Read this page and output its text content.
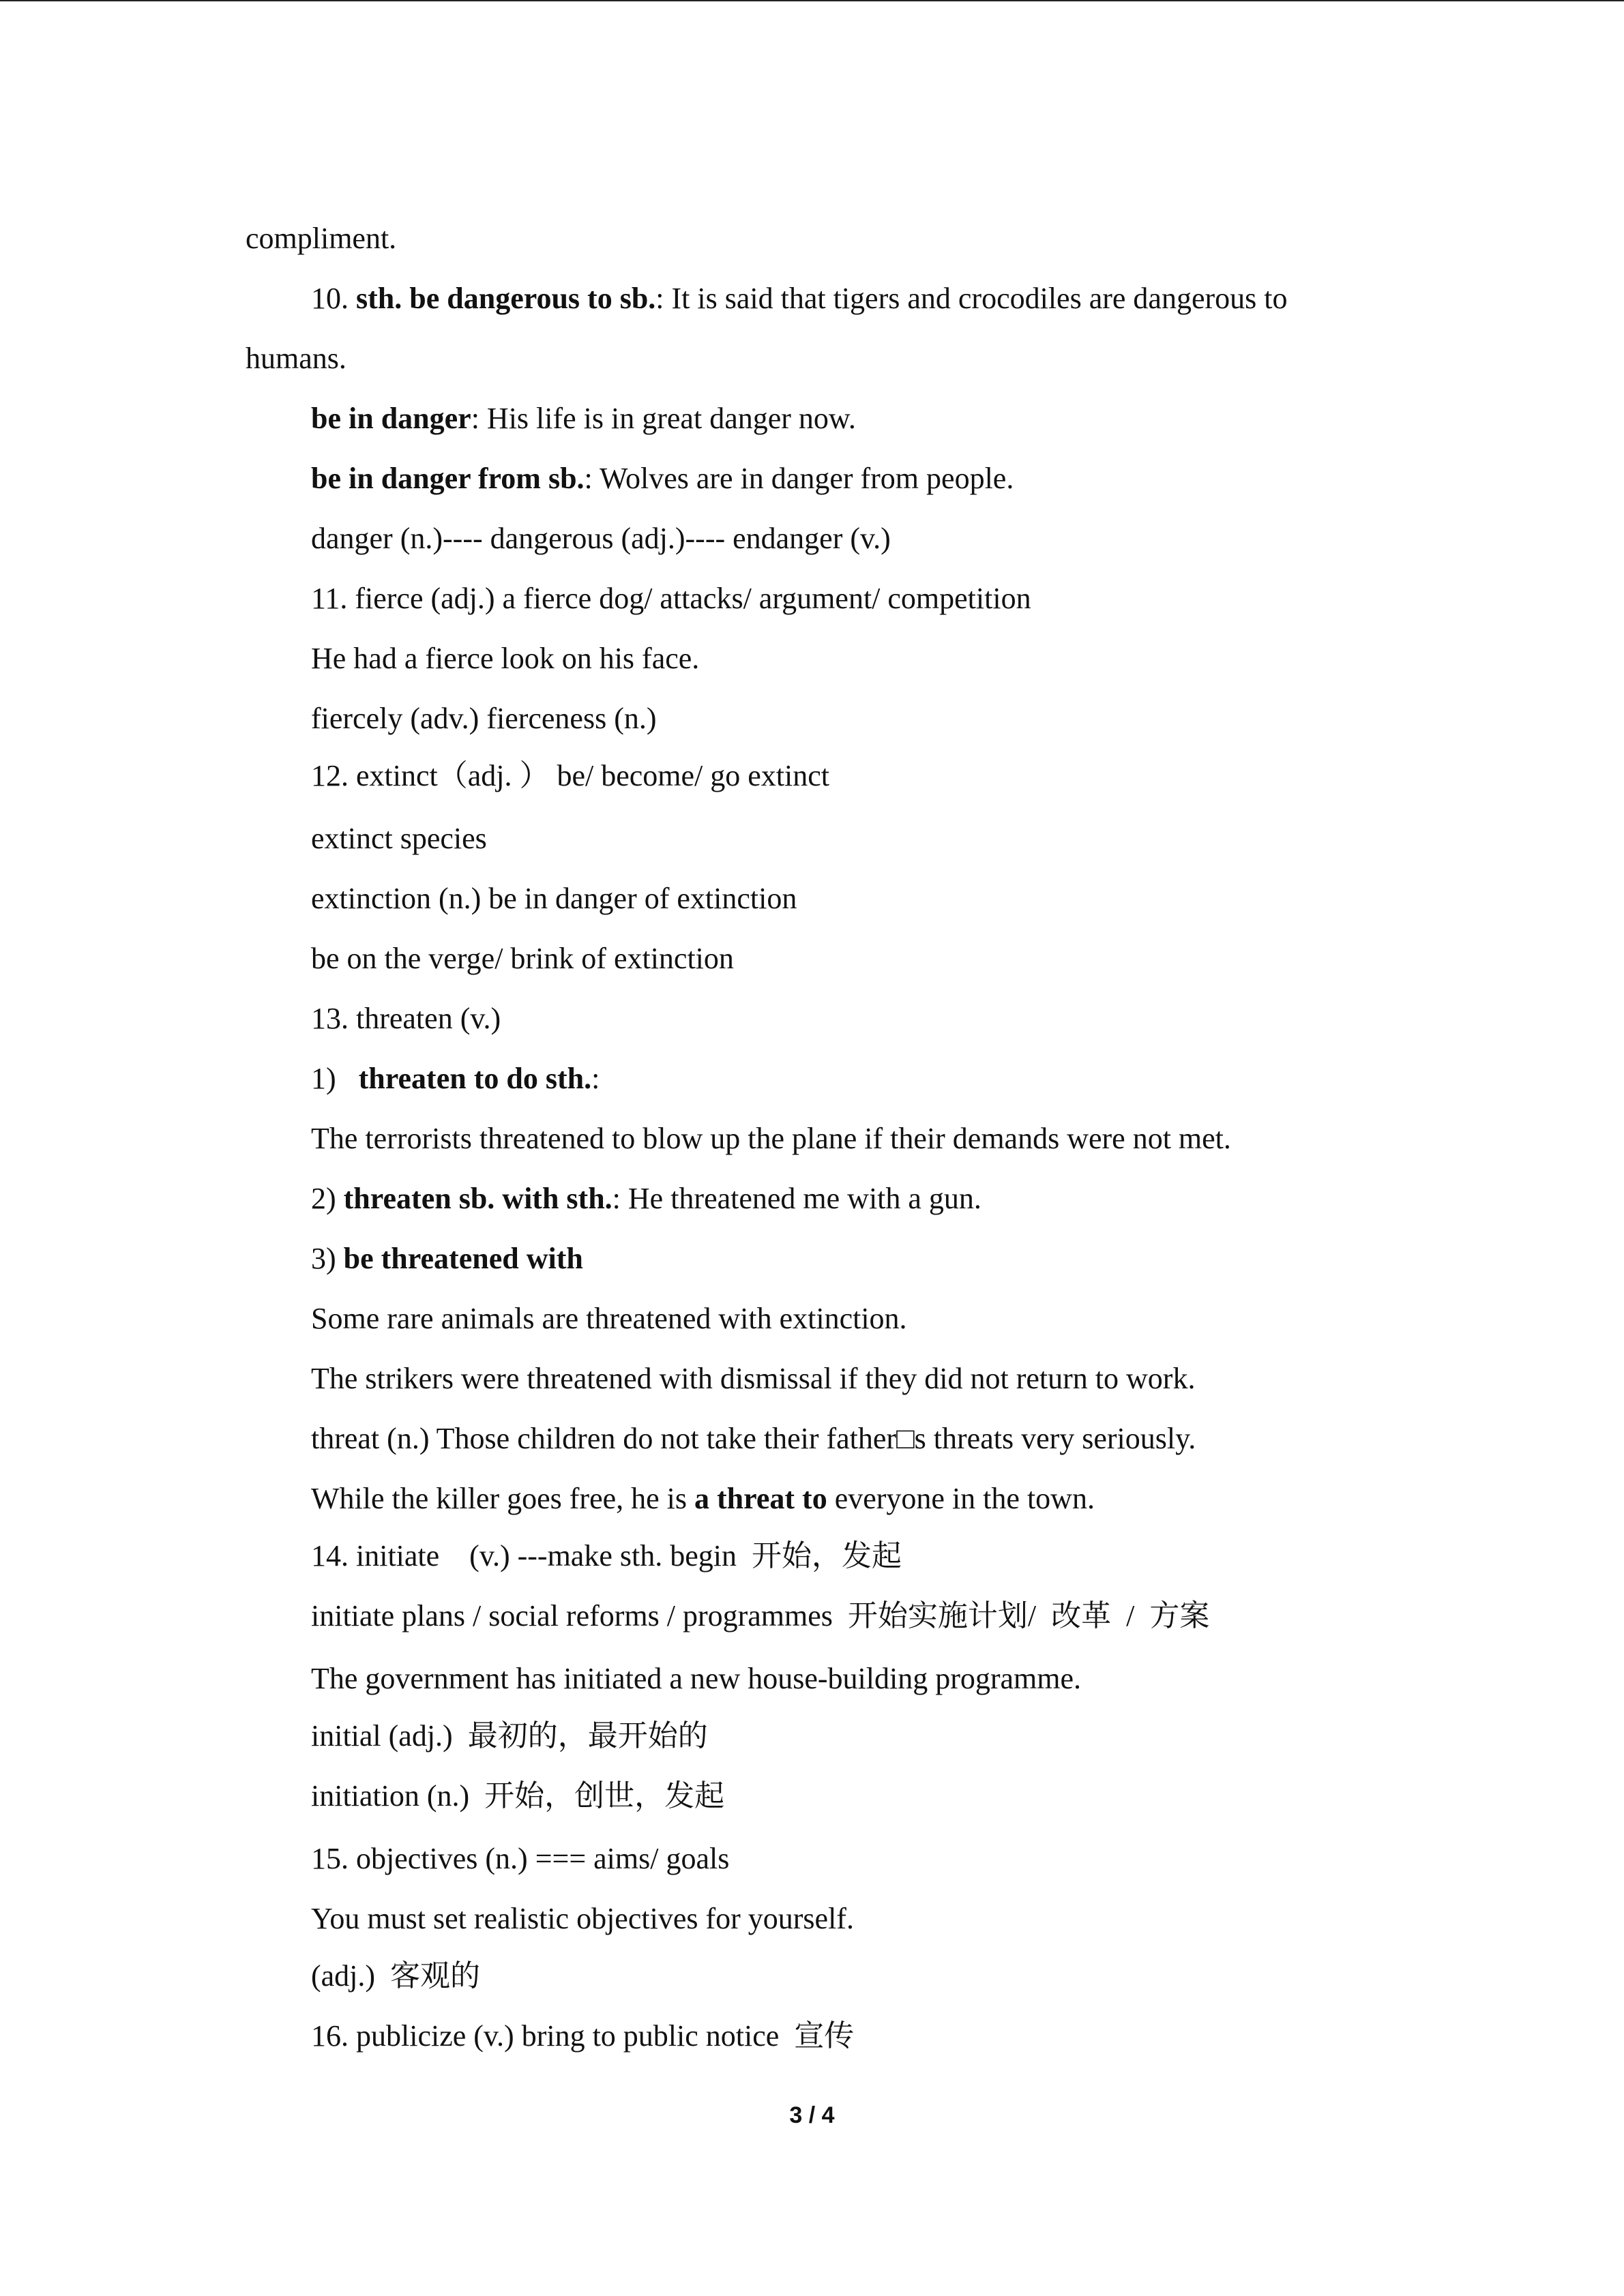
compliment.
10. sth. be dangerous to sb.: It is said that tigers and crocodiles are dangerous to
humans.
be in danger: His life is in great danger now.
be in danger from sb.: Wolves are in danger from people.
danger (n.)---- dangerous (adj.)---- endanger (v.)
11. fierce (adj.) a fierce dog/ attacks/ argument/ competition
He had a fierce look on his face.
fiercely (adv.) fierceness (n.)
12. extinct（adj. ） be/ become/ go extinct
extinct species
extinction (n.) be in danger of extinction
be on the verge/ brink of extinction
13. threaten (v.)
1)   threaten to do sth.:
The terrorists threatened to blow up the plane if their demands were not met.
2) threaten sb. with sth.: He threatened me with a gun.
3) be threatened with
Some rare animals are threatened with extinction.
The strikers were threatened with dismissal if they did not return to work.
threat (n.) Those children do not take their father□s threats very seriously.
While the killer goes free, he is a threat to everyone in the town.
14. initiate    (v.) ---make sth. begin  开始，发起
initiate plans / social reforms / programmes  开始实施计划/  改革  /  方案
The government has initiated a new house-building programme.
initial (adj.)  最初的，最开始的
initiation (n.)  开始，创世，发起
15. objectives (n.) === aims/ goals
You must set realistic objectives for yourself.
(adj.)  客观的
16. publicize (v.) bring to public notice  宣传
3 / 4
